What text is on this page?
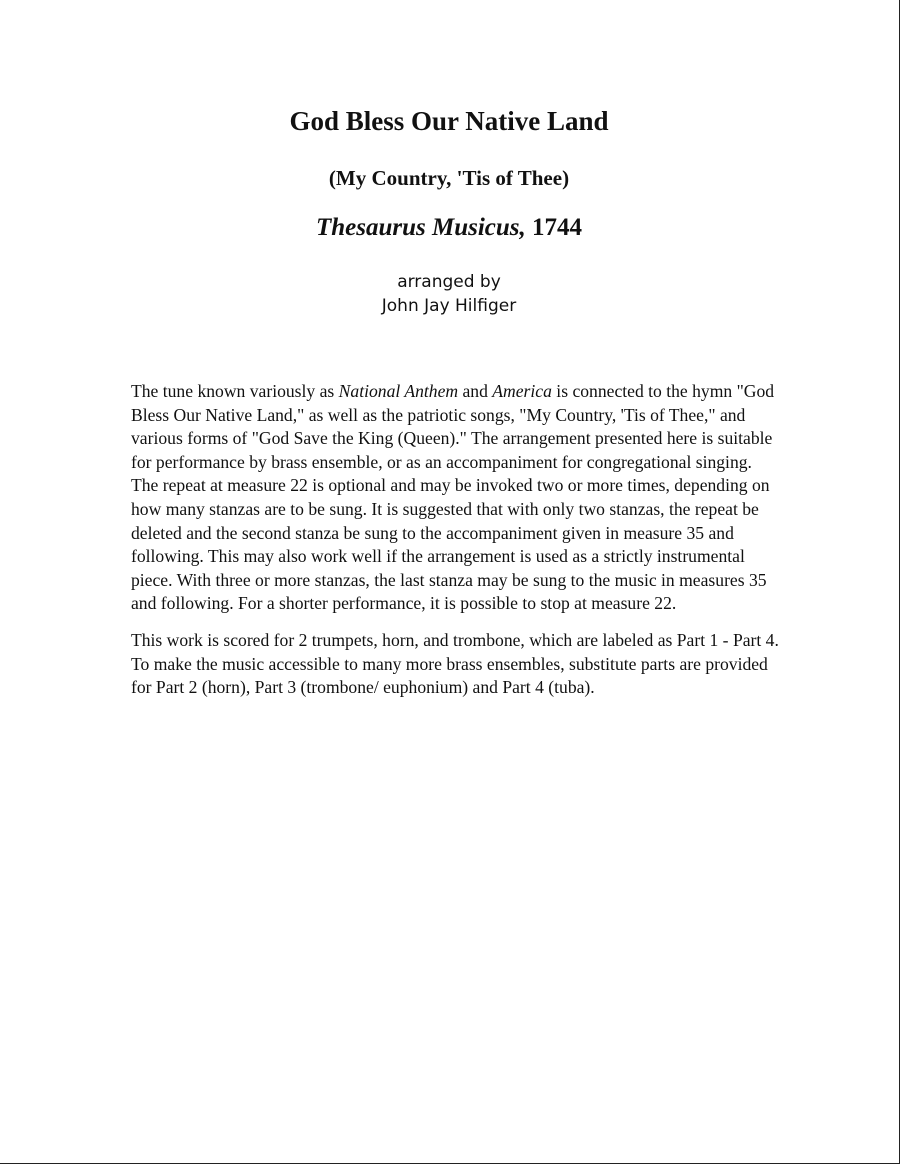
God Bless Our Native Land
(My Country, 'Tis of Thee)
Thesaurus Musicus, 1744
arranged by
John Jay Hilfiger

The tune known variously as National Anthem and America is connected to the hymn "God Bless Our Native Land," as well as the patriotic songs, "My Country, 'Tis of Thee," and various forms of "God Save the King (Queen)." The arrangement presented here is suitable for performance by brass ensemble, or as an accompaniment for congregational singing. The repeat at measure 22 is optional and may be invoked two or more times, depending on how many stanzas are to be sung. It is suggested that with only two stanzas, the repeat be deleted and the second stanza be sung to the accompaniment given in measure 35 and following. This may also work well if the arrangement is used as a strictly instrumental piece. With three or more stanzas, the last stanza may be sung to the music in measures 35 and following. For a shorter performance, it is possible to stop at measure 22.

This work is scored for 2 trumpets, horn, and trombone, which are labeled as Part 1 - Part 4. To make the music accessible to many more brass ensembles, substitute parts are provided for Part 2 (horn), Part 3 (trombone/ euphonium) and Part 4 (tuba).
